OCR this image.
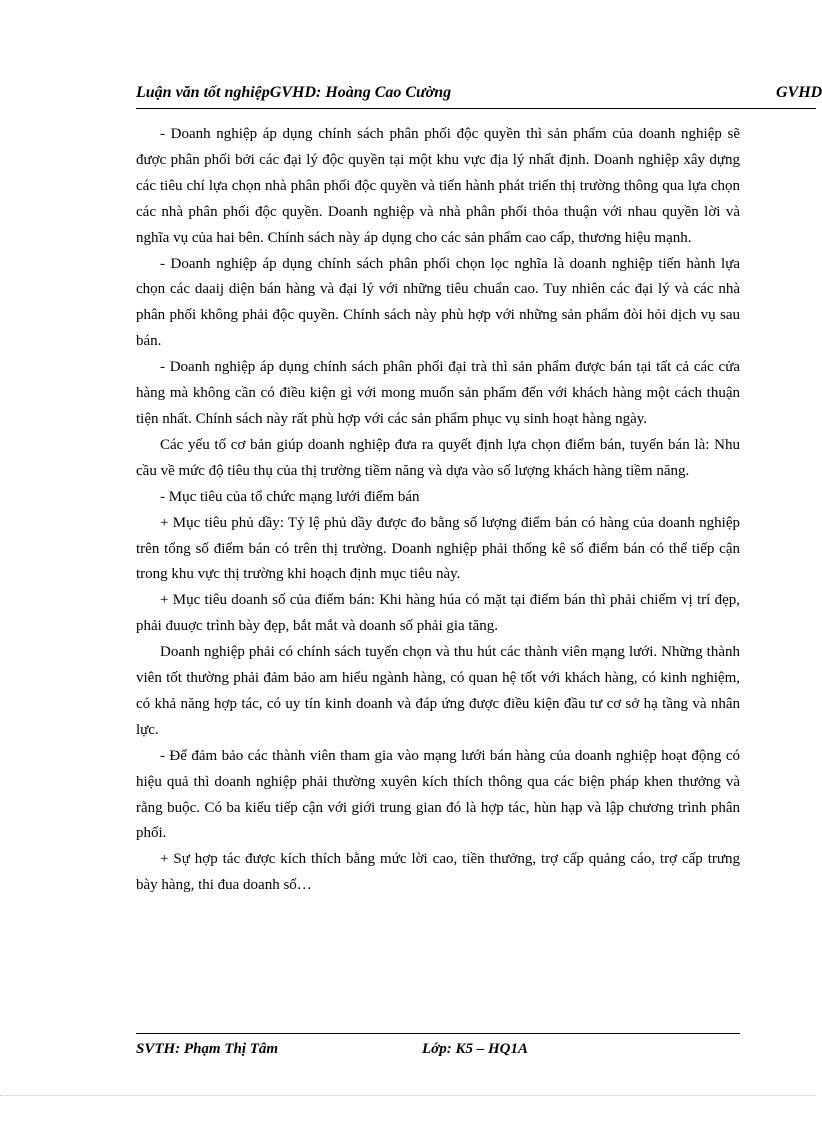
Luận văn tốt nghiệpGVHD: Hoàng Cao Cường	GVHD

- Doanh nghiệp áp dụng chính sách phân phối độc quyền thì sản phẩm của doanh nghiệp sẽ được phân phối bởi các đại lý độc quyền tại một khu vực địa lý nhất định. Doanh nghiệp xây dựng các tiêu chí lựa chọn nhà phân phối độc quyền và tiến hành phát triển thị trường thông qua lựa chọn các nhà phân phối độc quyền. Doanh nghiệp và nhà phân phối thỏa thuận với nhau quyền lời và nghĩa vụ của hai bên. Chính sách này áp dụng cho các sản phẩm cao cấp, thương hiệu mạnh.

- Doanh nghiệp áp dụng chính sách phân phối chọn lọc nghĩa là doanh nghiệp tiến hành lựa chọn các daaij diện bán hàng và đại lý với những tiêu chuẩn cao. Tuy nhiên các đại lý và các nhà phân phối không phải độc quyền. Chính sách này phù hợp với những sản phẩm đòi hỏi dịch vụ sau bán.

- Doanh nghiệp áp dụng chính sách phân phối đại trà thì sản phẩm được bán tại tất cả các cửa hàng mà không cần có điều kiện gì với mong muốn sản phẩm đến với khách hàng một cách thuận tiện nhất. Chính sách này rất phù hợp với các sản phẩm phục vụ sinh hoạt hàng ngày.

Các yếu tố cơ bản giúp doanh nghiệp đưa ra quyết định lựa chọn điểm bán, tuyến bán là: Nhu cầu về mức độ tiêu thụ của thị trường tiềm năng và dựa vào số lượng khách hàng tiềm năng.

- Mục tiêu của tổ chức mạng lưới điểm bán

+ Mục tiêu phủ dầy: Tỷ lệ phủ dầy được đo bằng số lượng điểm bán có hàng của doanh nghiệp trên tổng số điểm bán có trên thị trường. Doanh nghiệp phải thống kê số điểm bán có thể tiếp cận trong khu vực thị trường khi hoạch định mục tiêu này.

+ Mục tiêu doanh số của điểm bán: Khi hàng húa có mặt tại điểm bán thì phải chiếm vị trí đẹp, phải đuuợc trình bày đẹp, bắt mắt và doanh số phải gia tăng.

Doanh nghiệp phải có chính sách tuyển chọn và thu hút các thành viên mạng lưới. Những thành viên tốt thường phải đảm bảo am hiểu ngành hàng, có quan hệ tốt với khách hàng, có kinh nghiệm, có khả năng hợp tác, có uy tín kinh doanh và đáp ứng được điều kiện đầu tư cơ sở hạ tầng và nhân lực.

- Để đảm bảo các thành viên tham gia vào mạng lưới bán hàng của doanh nghiệp hoạt động có hiệu quả thì doanh nghiệp phải thường xuyên kích thích thông qua các biện pháp khen thưởng và rằng buộc. Có ba kiểu tiếp cận với giới trung gian đó là hợp tác, hùn hạp và lập chương trình phân phối.

+ Sự hợp tác được kích thích bằng mức lời cao, tiền thưởng, trợ cấp quảng cáo, trợ cấp trưng bày hàng, thi đua doanh số…

SVTH: Phạm Thị Tâm	Lớp: K5 – HQ1A
